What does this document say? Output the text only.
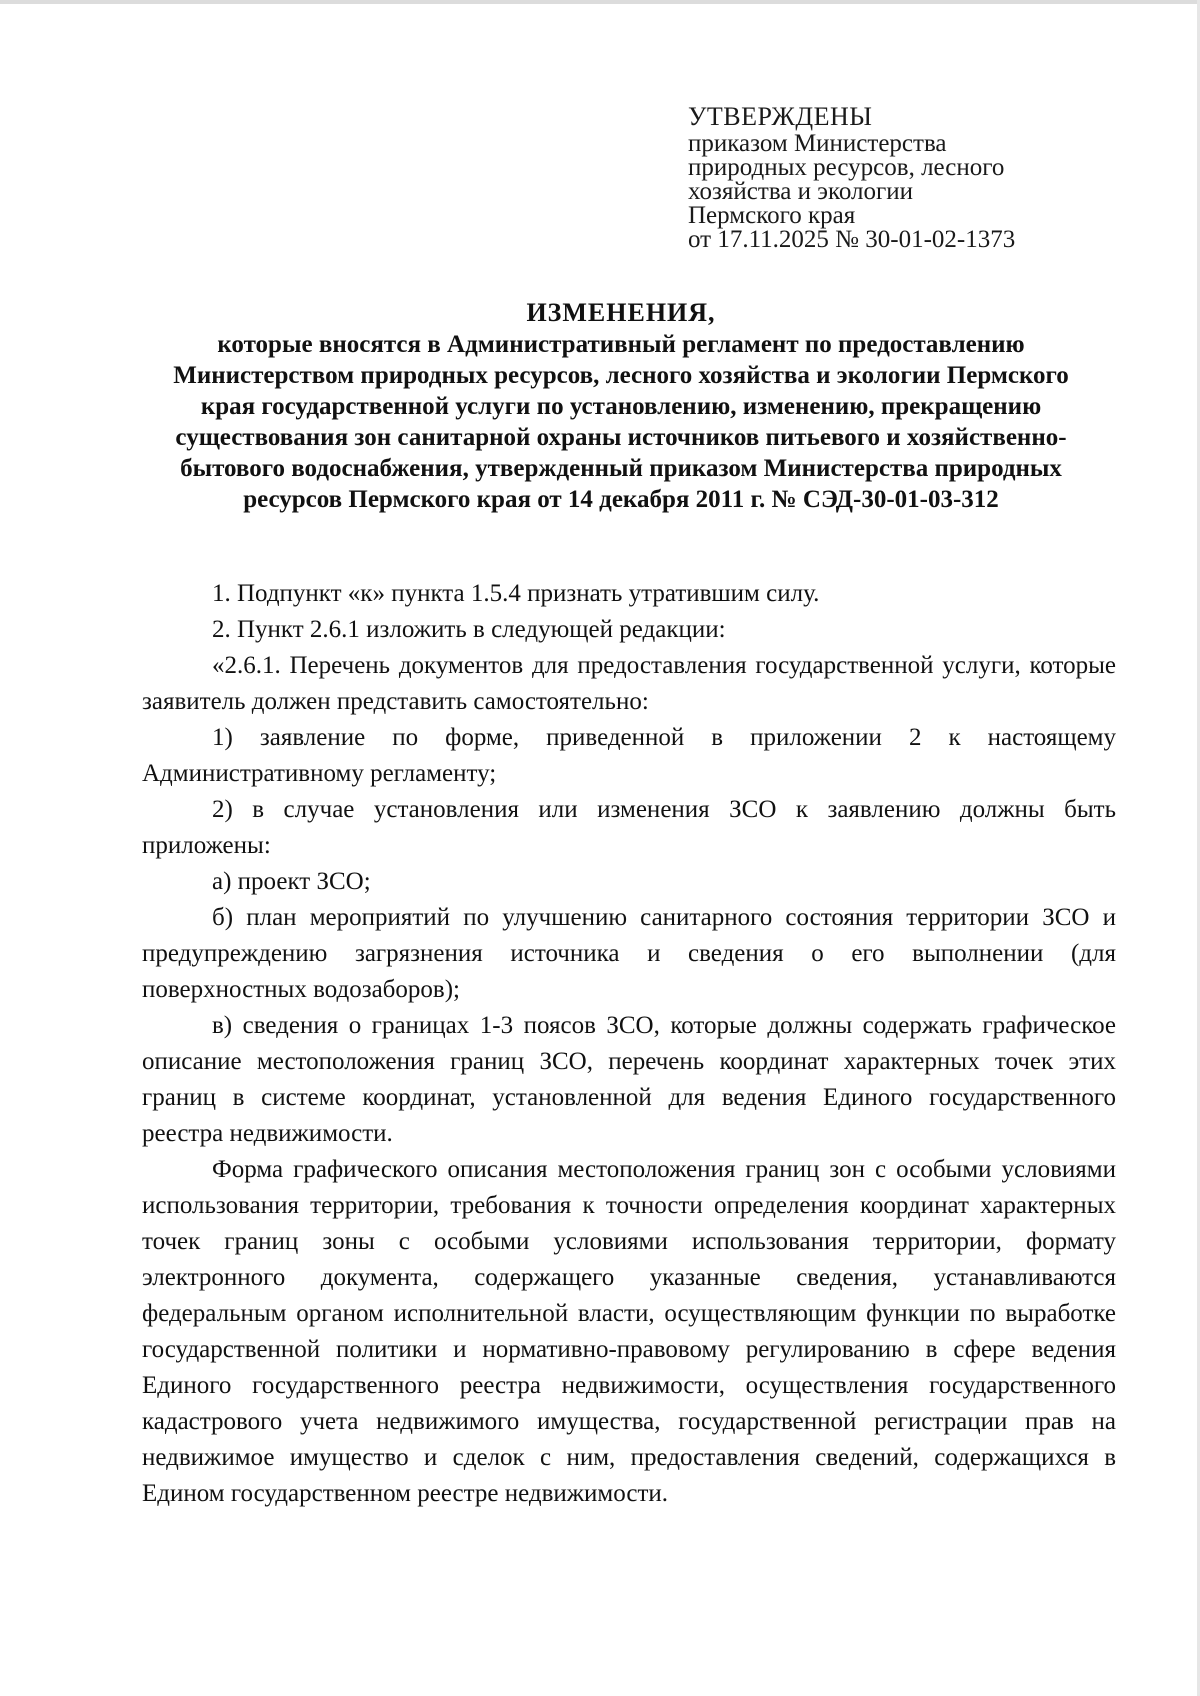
УТВЕРЖДЕНЫ
приказом Министерства
природных ресурсов, лесного
хозяйства и экологии
Пермского края
от 17.11.2025 № 30-01-02-1373
ИЗМЕНЕНИЯ,
которые вносятся в Административный регламент по предоставлению Министерством природных ресурсов, лесного хозяйства и экологии Пермского края государственной услуги по установлению, изменению, прекращению существования зон санитарной охраны источников питьевого и хозяйственно-бытового водоснабжения, утвержденный приказом Министерства природных ресурсов Пермского края от 14 декабря 2011 г. № СЭД-30-01-03-312

1. Подпункт «к» пункта 1.5.4 признать утратившим силу.

2. Пункт 2.6.1 изложить в следующей редакции:

«2.6.1. Перечень документов для предоставления государственной услуги, которые заявитель должен представить самостоятельно:

1) заявление по форме, приведенной в приложении 2 к настоящему Административному регламенту;

2) в случае установления или изменения ЗСО к заявлению должны быть приложены:

а) проект ЗСО;

б) план мероприятий по улучшению санитарного состояния территории ЗСО и предупреждению загрязнения источника и сведения о его выполнении (для поверхностных водозаборов);

в) сведения о границах 1-3 поясов ЗСО, которые должны содержать графическое описание местоположения границ ЗСО, перечень координат характерных точек этих границ в системе координат, установленной для ведения Единого государственного реестра недвижимости.

Форма графического описания местоположения границ зон с особыми условиями использования территории, требования к точности определения координат характерных точек границ зоны с особыми условиями использования территории, формату электронного документа, содержащего указанные сведения, устанавливаются федеральным органом исполнительной власти, осуществляющим функции по выработке государственной политики и нормативно-правовому регулированию в сфере ведения Единого государственного реестра недвижимости, осуществления государственного кадастрового учета недвижимого имущества, государственной регистрации прав на недвижимое имущество и сделок с ним, предоставления сведений, содержащихся в Едином государственном реестре недвижимости.
